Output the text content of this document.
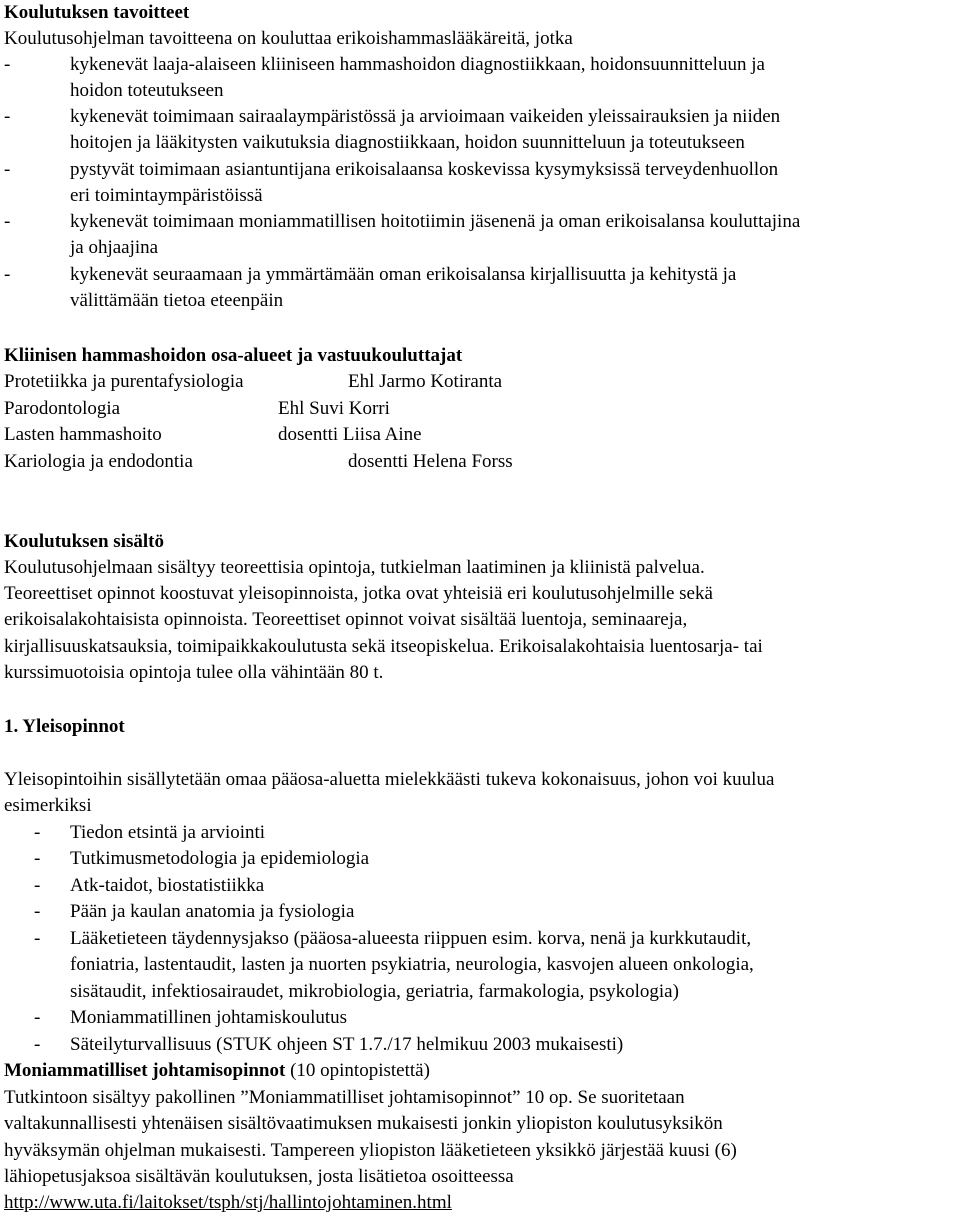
Koulutuksen tavoitteet
Koulutusohjelman tavoitteena on kouluttaa erikoishammaslääkäreitä, jotka
-	kykenevät laaja-alaiseen kliiniseen hammashoidon diagnostiikkaan, hoidonsuunnitteluun ja
hoidon toteutukseen
-	kykenevät toimimaan sairaalaympäristössä ja arvioimaan vaikeiden yleissairauksien ja niiden
hoitojen ja lääkitysten vaikutuksia diagnostiikkaan, hoidon suunnitteluun ja toteutukseen
-	pystyvät toimimaan asiantuntijana erikoisalaansa koskevissa kysymyksissä terveydenhuollon
eri toimintaympäristöissä
-	kykenevät toimimaan moniammatillisen hoitotiimin jäsenenä ja oman erikoisalansa kouluttajina
ja ohjaajina
-	kykenevät seuraamaan ja ymmärtämään oman erikoisalansa kirjallisuutta ja kehitystä ja
välittämään tietoa eteenpäin
Kliinisen hammashoidon osa-alueet ja vastuukouluttajat
Protetiikka ja purentafysiologia	Ehl Jarmo Kotiranta
Parodontologia	Ehl Suvi Korri
Lasten hammashoito	dosentti Liisa Aine
Kariologia ja endodontia	dosentti Helena Forss
Koulutuksen sisältö
Koulutusohjelmaan sisältyy teoreettisia opintoja, tutkielman laatiminen ja kliinistä palvelua.
Teoreettiset opinnot koostuvat yleisopinnoista, jotka ovat yhteisiä eri koulutusohjelmille sekä
erikoisalakohtaisista opinnoista. Teoreettiset opinnot voivat sisältää luentoja, seminaareja,
kirjallisuuskatsauksia, toimipaikkakoulutusta sekä itseopiskelua. Erikoisalakohtaisia luentosarja- tai
kurssimuotoisia opintoja tulee olla vähintään 80 t.
1. Yleisopinnot
Yleisopintoihin sisällytetään omaa pääosa-aluetta mielekkäästi tukeva kokonaisuus, johon voi kuulua
esimerkiksi
- Tiedon etsintä ja arviointi
- Tutkimusmetodologia ja epidemiologia
- Atk-taidot, biostatistiikka
- Pään ja kaulan anatomia ja fysiologia
- Lääketieteen täydennysjakso (pääosa-alueesta riippuen esim. korva, nenä ja kurkkutaudit,
foniatria, lastentaudit, lasten ja nuorten psykiatria, neurologia, kasvojen alueen onkologia,
sisätaudit, infektiosairaudet, mikrobiologia, geriatria, farmakologia, psykologia)
- Moniammatillinen johtamiskoulutus
- Säteilyturvallisuus (STUK ohjeen ST 1.7./17 helmikuu 2003 mukaisesti)
Moniammatilliset johtamisopinnot (10 opintopistettä)
Tutkintoon sisältyy pakollinen ”Moniammatilliset johtamisopinnot” 10 op. Se suoritetaan
valtakunnallisesti yhtenäisen sisältövaatimuksen mukaisesti jonkin yliopiston koulutusyksikön
hyväksymän ohjelman mukaisesti. Tampereen yliopiston lääketieteen yksikkö järjestää kuusi (6)
lähiopetusjaksoa sisältävän koulutuksen, josta lisätietoa osoitteessa
http://www.uta.fi/laitokset/tsph/stj/hallintojohtaminen.html
